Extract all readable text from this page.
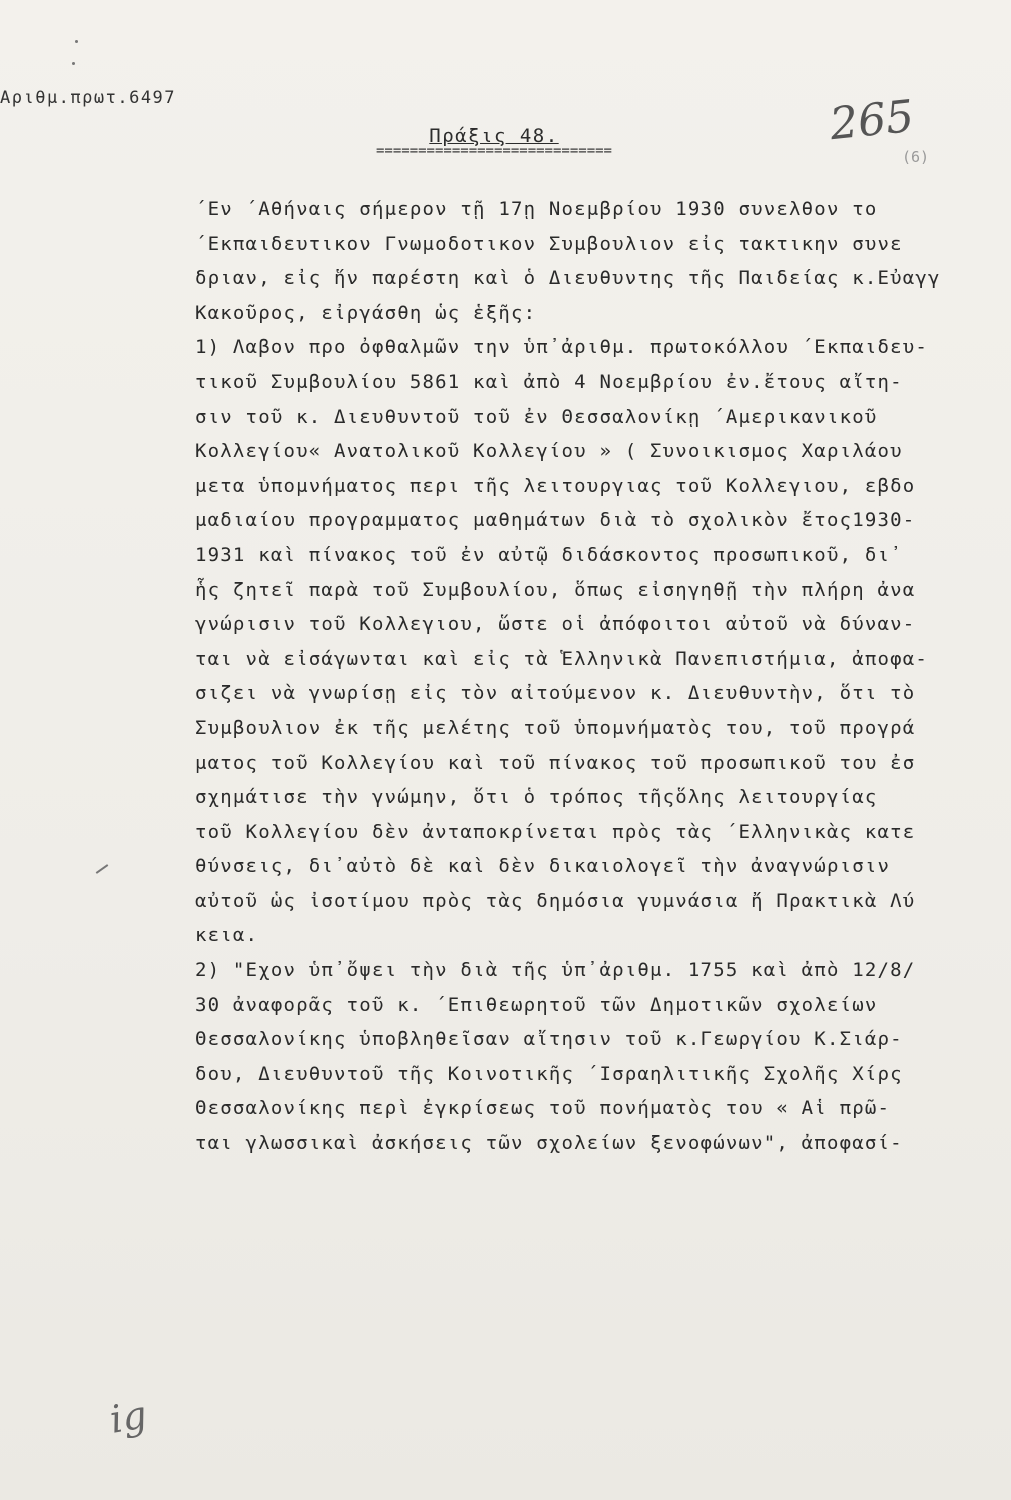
Αριθμ.πρωτ.6497	265
(6)
Πράξις 48.
============================
΄Εν ΄Αθήναις σήμερον τῇ 17ῃ Νοεμβρίου 1930 συνελθον το
΄Εκπαιδευτικον Γνωμοδοτικον Συμβουλιον εἰς τακτικην συνε
δριαν, εἰς ἥν παρέστη καὶ ὁ Διευθυντης τῆς Παιδείας κ.Εὐαγγ
Κακοῦρος, εἰργάσθη ὡς ἑξῆς:
1) Λαβον προ ὀφθαλμῶν την ὑπ᾽ἀριθμ. πρωτοκόλλου ΄Εκπαιδευ-
τικοῦ Συμβουλίου 5861 καὶ ἀπὸ 4 Νοεμβρίου ἐν.ἔτους αἴτη-
σιν τοῦ κ. Διευθυντοῦ τοῦ ἐν Θεσσαλονίκῃ ΄Αμερικανικοῦ
Κολλεγίου« Ανατολικοῦ Κολλεγίου » ( Συνοικισμος Χαριλάου
μετα ὑπομνήματος περι τῆς λειτουργιας τοῦ Κολλεγιου, εβδο
μαδιαίου προγραμματος μαθημάτων διὰ τὸ σχολικὸν ἔτος1930-
1931 καὶ πίνακος τοῦ ἐν αὐτῷ διδάσκοντος προσωπικοῦ, δι᾽
ἧς ζητεῖ παρὰ τοῦ Συμβουλίου, ὅπως εἰσηγηθῇ τὴν πλήρη ἀνα
γνώρισιν τοῦ Κολλεγιου, ὥστε οἱ ἀπόφοιτοι αὐτοῦ νὰ δύναν-
ται νὰ εἰσάγωνται καὶ εἰς τὰ Ἑλληνικὰ Πανεπιστήμια, ἀποφα-
σιζει νὰ γνωρίσῃ εἰς τὸν αἰτούμενον κ. Διευθυντὴν, ὅτι τὸ
Συμβουλιον ἐκ τῆς μελέτης τοῦ ὑπομνήματὸς του, τοῦ προγρά
ματος τοῦ Κολλεγίου καὶ τοῦ πίνακος τοῦ προσωπικοῦ του ἐσ
σχημάτισε τὴν γνώμην, ὅτι ὁ τρόπος τῆςὅλης λειτουργίας
τοῦ Κολλεγίου δὲν ἀνταποκρίνεται πρὸς τὰς ΄Ελληνικὰς κατε
θύνσεις, δι᾽αὐτὸ δὲ καὶ δὲν δικαιολογεῖ τὴν ἀναγνώρισιν
αὐτοῦ ὡς ἰσοτίμου πρὸς τὰς δημόσια γυμνάσια ἤ Πρακτικὰ Λύ
κεια.
2) "Εχον ὑπ᾽ὄψει τὴν διὰ τῆς ὑπ᾽ἀριθμ. 1755 καὶ ἀπὸ 12/8/
30 ἀναφορᾶς τοῦ κ. ΄Επιθεωρητοῦ τῶν Δημοτικῶν σχολείων
Θεσσαλονίκης ὑποβληθεῖσαν αἴτησιν τοῦ κ.Γεωργίου Κ.Σιάρ-
δου, Διευθυντοῦ τῆς Κοινοτικῆς ΄Ισραηλιτικῆς Σχολῆς Χίρς
Θεσσαλονίκης περὶ ἐγκρίσεως τοῦ πονήματὸς του « Αἱ πρῶ-
ται γλωσσικαὶ ἀσκήσεις τῶν σχολείων ξενοφώνων", ἀποφασί-
ig
